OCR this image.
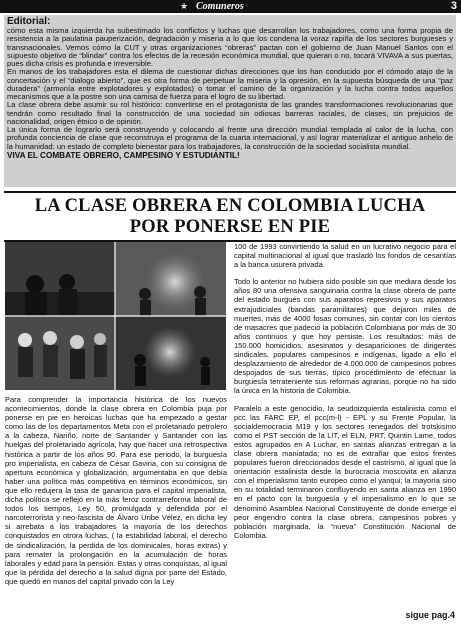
★ Comuneros	3
Editorial:

cómo esta misma izquierda ha subestimado los conflictos y luchas que desarrollan los trabajadores, como una forma propia de resistencia a la paulatina pauperización, degradación y miseria a lo que los condena la voraz rapiña de los sectores burgueses y transnacionales. Vemos cómo la CUT y otras organizaciones “obreras” pactan con el gobierno de Juan Manuel Santos con el supuesto objetivo de “blindar” contra los efectos de la recesión económica mundial, que quieran o no, tocará VIVAVA a sus puertas, pues dicha crisis es profunda e irreversible.

En manos de los trabajadores esta el dilema de cuestionar dichas direcciones que los han conducido por el cómodo atajo de la concertación y el “diálogo abierto”, que es otra forma de perpetuar la miseria y la opresión, en la supuesta búsqueda de una “paz duradera” (armonía entre explotadores y explotados) o tomar el camino de la organización y la lucha contra todos aquellos mecanismos que a la postre son una camisa de fuerza para el logro de su libertad.

La clase obrera debe asumir su rol histórico: convertirse en el protagonista de las grandes transformaciones revolucionarias que tendrán como resultado final la construcción de una sociedad sin odiosas barreras raciales, de clases, sin prejuicios de nacionalidad, origen étnico o de opinión.

La única forma de lograrlo será construyendo y colocando al frente una dirección mundial templada al calor de la lucha, con profunda conciencia de clase que reconstruya el programa de la cuarta internacional, y así lograr materializar el antiguo anhelo de la humanidad: un estado de completo bienestar para los trabajadores, la construcción de la sociedad socialista mundial.

VIVA EL COMBATE OBRERO, CAMPESINO Y ESTUDIANTIL!

LA CLASE OBRERA EN COLOMBIA LUCHA
POR PONERSE EN PIE

Para comprender la importancia histórica de los nuevos acontecimientos, donde la clase obrera en Colombia puja por ponerse en pie en heroicas luchas que ha empezado a gestar como las de los departamentos Meta con el proletariado petrolero a la cabeza, Nariño, norte de Santander y Santander con las huelgas del proletariado agrícola, hay que hacer una retrospectiva histórica a partir de los años 90. Para ese periodo, la burguesía pro imperialista, en cabeza de César Gaviria, con su consigna de apertura económica y globalización, argumentaba en que debía haber una política más competitiva en términos económicos, sin que ello redujera la tasa de ganancia para el capital imperialista, dicha política se reflejó en la más feroz contrarreforma laboral de todos los tiempos, Ley 50, promulgada y defendida por el narcoterrorista y neo-fascista de Álvaro Uribe Vélez, en dicha ley si arrebata a los trabajadores la mayoría de los derechos conquistados en otrora luchas, ( la estabilidad laboral, el derecho de sindicalización, la perdida de los dominicales, horas extras) y para remater la prolongación en la acumulación de horas laborales y edad para la pensión. Estas y otras conquistas, al igual que la pérdida del derecho a la salud digna por parte del Estado, que quedó en manos del capital privado con la Ley

100 de 1993 convirtiendo la salud en un lucrativo negocio para el capital multinacional al igual que trasladó los fondos de cesantías a la banca usurera privada.

Todo lo anterior no hubiera sido posible sin que mediara desde los años 80 una ofensiva sanguinaria contra la clase obrera de parte del estado burgués con sus aparatos represivos y sus aparatos extrajudiciales (bandas paramilitares) que dejaron miles de muertes, más de 4000 fosas comunes, sin contar con los cientos de masacres que padeció la población Colombiana por más de 30 años continuos y que hoy persiste. Los resultados: más de 150.000 homicidios, asesinatos y desapariciones de dirigentes sindicales, populares campesinos e indígenas, ligado a ello el desplazamiento de alrededor de 4.000.000 de campesinos pobres despojados de sus tierras, típico procedimiento de efectuar la burguesía terrateniente sus reformas agrarias, porque no ha sido la única en la historia de Colombia.

Paralelo a este genocidio, la seudoizquierda estalinista como el pcc las FARC EP, el pcc(m-l) - EPL y su Frente Popular, la socialdemocracia M19 y los sectores renegados del trotskismo como el PST sección de la LIT, el ELN, PRT, Quintin Lame, todos estos agrupados en A Luchar, en santas alianzas entregan a la clase obrera maniatada; no es de extrañar que estos frentes populares fueron direccionados desde el castrismo, al igual que la orientación estalinista desde la burocracia moscovita en alianza con el imperialismo tanto europeo como el yanqui; la mayoría sino en su totalidad terminaron confluyendo en santa alianza en 1990 en el pacto con la burguesía y el imperialismo en lo que se denominó Asamblea Nacional Constituyente de donde emerge el peor engendro contra la clase obrera, campesinos pobres y población marginada, la “nueva” Constitución Nacional de Colombia.

sigue pag.4
